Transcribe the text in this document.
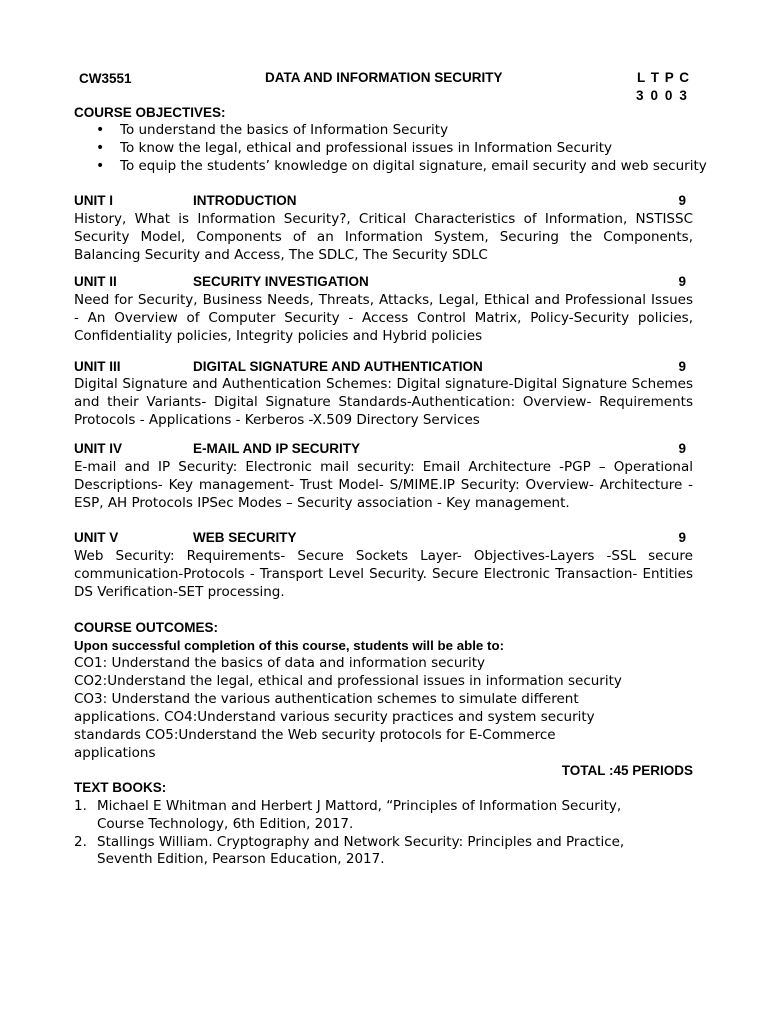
CW3551	DATA AND INFORMATION SECURITY	L T P C
3 0 0 3
COURSE OBJECTIVES:
• To understand the basics of Information Security
• To know the legal, ethical and professional issues in Information Security
• To equip the students’ knowledge on digital signature, email security and web security
UNIT I	INTRODUCTION	9
History, What is Information Security?, Critical Characteristics of Information, NSTISSC Security Model, Components of an Information System, Securing the Components, Balancing Security and Access, The SDLC, The Security SDLC
UNIT II	SECURITY INVESTIGATION	9
Need for Security, Business Needs, Threats, Attacks, Legal, Ethical and Professional Issues - An Overview of Computer Security - Access Control Matrix, Policy-Security policies, Confidentiality policies, Integrity policies and Hybrid policies
UNIT III	DIGITAL SIGNATURE AND AUTHENTICATION	9
Digital Signature and Authentication Schemes: Digital signature-Digital Signature Schemes and their Variants- Digital Signature Standards-Authentication: Overview- Requirements Protocols - Applications - Kerberos -X.509 Directory Services
UNIT IV	E-MAIL AND IP SECURITY	9
E-mail and IP Security: Electronic mail security: Email Architecture -PGP – Operational Descriptions- Key management- Trust Model- S/MIME.IP Security: Overview- Architecture - ESP, AH Protocols IPSec Modes – Security association - Key management.
UNIT V	WEB SECURITY	9
Web Security: Requirements- Secure Sockets Layer- Objectives-Layers -SSL secure communication-Protocols - Transport Level Security. Secure Electronic Transaction- Entities DS Verification-SET processing.
COURSE OUTCOMES:
Upon successful completion of this course, students will be able to:
CO1: Understand the basics of data and information security
CO2:Understand the legal, ethical and professional issues in information security
CO3: Understand the various authentication schemes to simulate different
applications. CO4:Understand various security practices and system security
standards CO5:Understand the Web security protocols for E-Commerce
applications
TOTAL :45 PERIODS
TEXT BOOKS:
1. Michael E Whitman and Herbert J Mattord, “Principles of Information Security,
Course Technology, 6th Edition, 2017.
2. Stallings William. Cryptography and Network Security: Principles and Practice,
Seventh Edition, Pearson Education, 2017.
